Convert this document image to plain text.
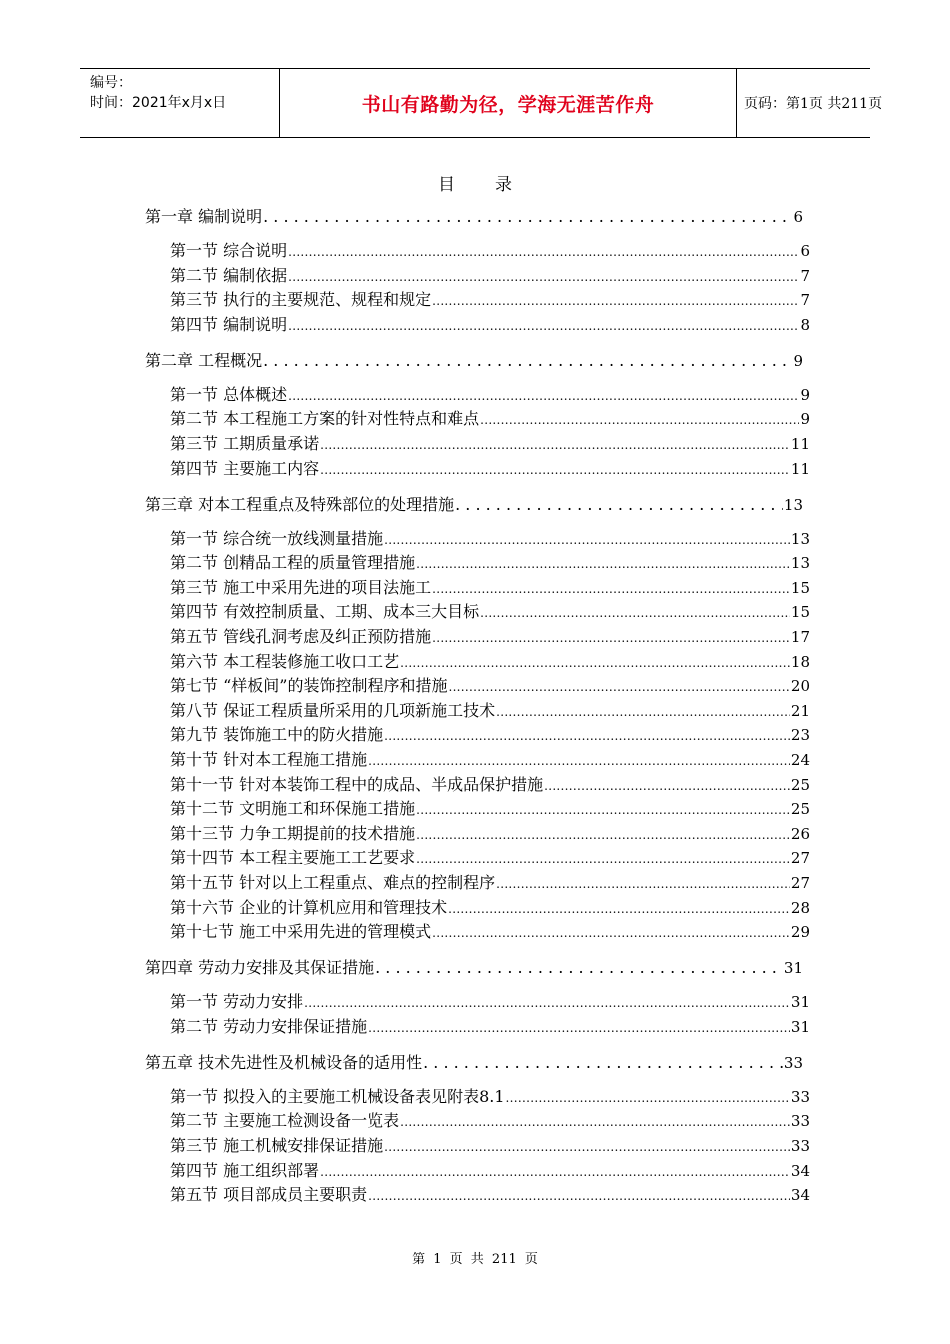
编号：
时间：2021年x月x日	书山有路勤为径，学海无涯苦作舟	页码：第1页 共211页
目录
第一章 编制说明 . . .	6
第一节 综合说明 .....	6
第二节 编制依据 .....	7
第三节 执行的主要规范、规程和规定 .....	7
第四节 编制说明 .....	8
第二章 工程概况 . . .	9
第一节 总体概述 .....	9
第二节 本工程施工方案的针对性特点和难点 .....	9
第三节 工期质量承诺 .....	11
第四节 主要施工内容 .....	11
第三章 对本工程重点及特殊部位的处理措施 . . .	13
第一节 综合统一放线测量措施 .....	13
第二节 创精品工程的质量管理措施 .....	13
第三节 施工中采用先进的项目法施工 .....	15
第四节 有效控制质量、工期、成本三大目标 .....	15
第五节 管线孔洞考虑及纠正预防措施 .....	17
第六节 本工程装修施工收口工艺 .....	18
第七节 “样板间”的装饰控制程序和措施 .....	20
第八节 保证工程质量所采用的几项新施工技术 .....	21
第九节 装饰施工中的防火措施 .....	23
第十节 针对本工程施工措施 .....	24
第十一节 针对本装饰工程中的成品、半成品保护措施 .....	25
第十二节 文明施工和环保施工措施 .....	25
第十三节 力争工期提前的技术措施 .....	26
第十四节 本工程主要施工工艺要求 .....	27
第十五节 针对以上工程重点、难点的控制程序 .....	27
第十六节 企业的计算机应用和管理技术 .....	28
第十七节 施工中采用先进的管理模式 .....	29
第四章 劳动力安排及其保证措施 . . .	31
第一节 劳动力安排 .....	31
第二节 劳动力安排保证措施 .....	31
第五章 技术先进性及机械设备的适用性 . . .	33
第一节 拟投入的主要施工机械设备表见附表8.1 .....	33
第二节 主要施工检测设备一览表 .....	33
第三节 施工机械安排保证措施 .....	33
第四节 施工组织部署 .....	34
第五节 项目部成员主要职责 .....	34
第 1 页 共 211 页
